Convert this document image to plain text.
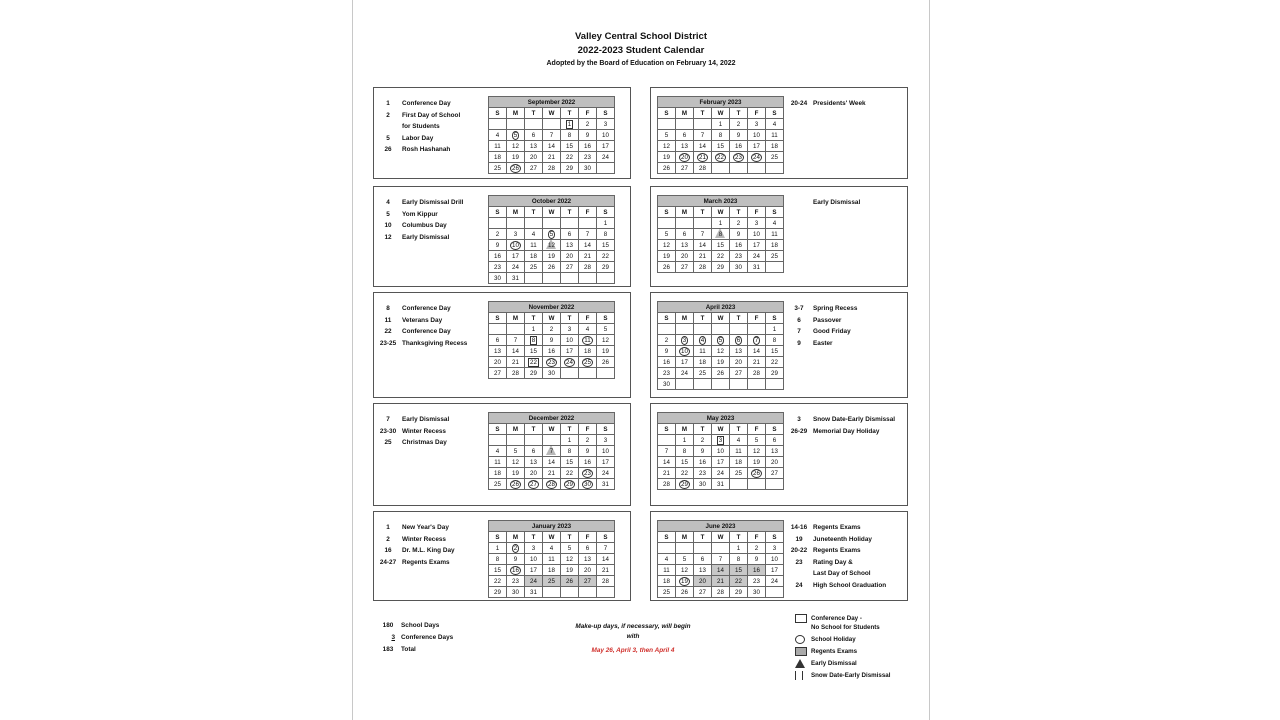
Valley Central School District
2022-2023 Student Calendar
Adopted by the Board of Education on February 14, 2022
September 2022						
S	M	T	W	T	F	S
				1	2	3
4	5	6	7	8	9	10
11	12	13	14	15	16	17
18	19	20	21	22	23	24
25	26	27	28	29	30	
1	Conference Day
2	First Day of School
for Students
5	Labor Day
26	Rosh Hashanah
October 2022						
S	M	T	W	T	F	S
						1
2	3	4	5	6	7	8
9	10	11	12	13	14	15
16	17	18	19	20	21	22
23	24	25	26	27	28	29
30	31					
4	Early Dismissal Drill
5	Yom Kippur
10	Columbus Day
12	Early Dismissal
November 2022						
S	M	T	W	T	F	S
		1	2	3	4	5
6	7	8	9	10	11	12
13	14	15	16	17	18	19
20	21	22	23	24	25	26
27	28	29	30			
8	Conference Day
11	Veterans Day
22	Conference Day
23-25 Thanksgiving Recess
December 2022						
S	M	T	W	T	F	S
				1	2	3
4	5	6	7	8	9	10
11	12	13	14	15	16	17
18	19	20	21	22	23	24
25	26	27	28	29	30	31
7	Early Dismissal
23-30 Winter Recess
25	Christmas Day
January 2023						
S	M	T	W	T	F	S
1	2	3	4	5	6	7
8	9	10	11	12	13	14
15	16	17	18	19	20	21
22	23	24	25	26	27	28
29	30	31				
1	New Year's Day
2	Winter Recess
16	Dr. M.L. King Day
24-27 Regents Exams
February 2023						
S	M	T	W	T	F	S
			1	2	3	4
5	6	7	8	9	10	11
12	13	14	15	16	17	18
19	20	21	22	23	24	25
26	27	28				
20-24 Presidents' Week
March 2023						
S	M	T	W	T	F	S
			1	2	3	4
5	6	7	8	9	10	11
12	13	14	15	16	17	18
19	20	21	22	23	24	25
26	27	28	29	30	31	
Early Dismissal
April 2023						
S	M	T	W	T	F	S
						1
2	3	4	5	6	7	8
9	10	11	12	13	14	15
16	17	18	19	20	21	22
23	24	25	26	27	28	29
30						
3-7	Spring Recess
6	Passover
7	Good Friday
9	Easter
May 2023						
S	M	T	W	T	F	S
	1	2	3	4	5	6
7	8	9	10	11	12	13
14	15	16	17	18	19	20
21	22	23	24	25	26	27
28	29	30	31			
3	Snow Date-Early Dismissal
26-29 Memorial Day Holiday
June 2023						
S	M	T	W	T	F	S
				1	2	3
4	5	6	7	8	9	10
11	12	13	14	15	16	17
18	19	20	21	22	23	24
25	26	27	28	29	30	
14-16 Regents Exams
19	Juneteenth Holiday
20-22 Regents Exams
23	Rating Day &
Last Day of School
24	High School Graduation
180	School Days
3 Conference Days
183	Total
Make-up days, if necessary, will begin
with
May 26, April 3, then April 4
Conference Day -
No School for Students
School Holiday
Regents Exams
Early Dismissal
Snow Date-Early Dismissal
